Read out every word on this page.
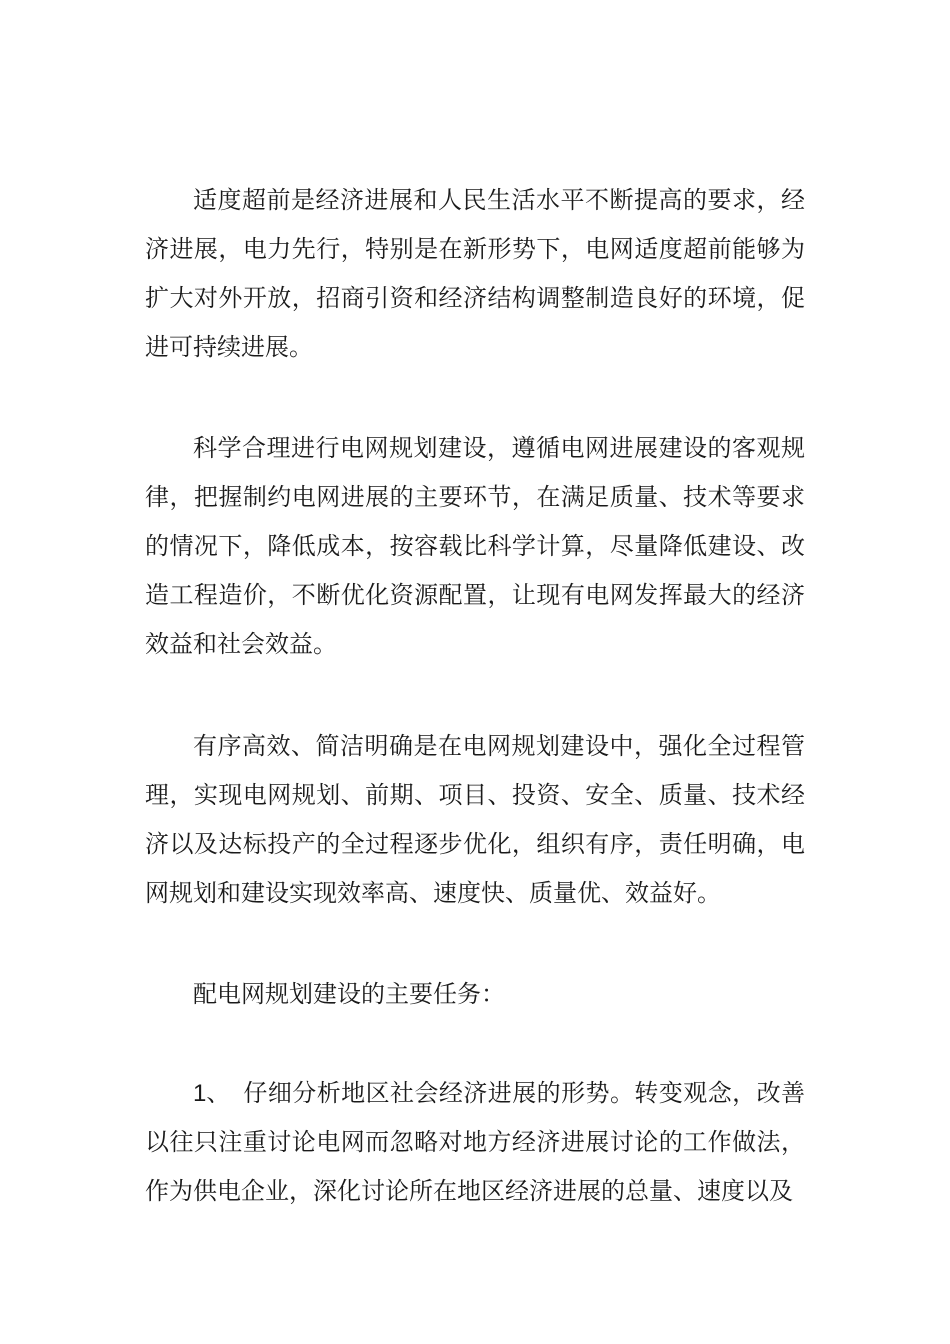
适度超前是经济进展和人民生活水平不断提高的要求，经济进展，电力先行，特别是在新形势下，电网适度超前能够为扩大对外开放，招商引资和经济结构调整制造良好的环境，促进可持续进展。

科学合理进行电网规划建设，遵循电网进展建设的客观规律，把握制约电网进展的主要环节，在满足质量、技术等要求的情况下，降低成本，按容载比科学计算，尽量降低建设、改造工程造价，不断优化资源配置，让现有电网发挥最大的经济效益和社会效益。

有序高效、简洁明确是在电网规划建设中，强化全过程管理，实现电网规划、前期、项目、投资、安全、质量、技术经济以及达标投产的全过程逐步优化，组织有序，责任明确，电网规划和建设实现效率高、速度快、质量优、效益好。

配电网规划建设的主要任务：

1、 仔细分析地区社会经济进展的形势。转变观念，改善以往只注重讨论电网而忽略对地方经济进展讨论的工作做法，作为供电企业，深化讨论所在地区经济进展的总量、速度以及
